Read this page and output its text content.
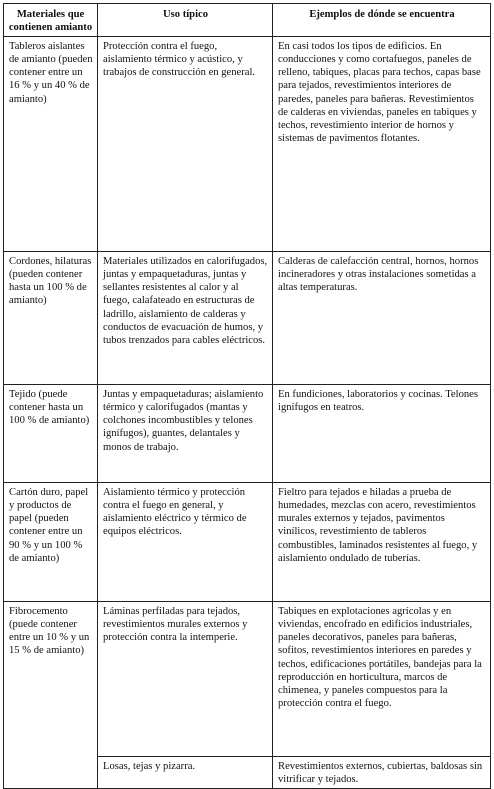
Materiales que contienen amianto	Uso típico	Ejemplos de dónde se encuentra
Tableros aislantes de amianto (pueden contener entre un 16 % y un 40 % de amianto)	Protección contra el fuego, aislamiento térmico y acústico, y trabajos de construcción en general.	En casi todos los tipos de edificios. En conducciones y como cortafuegos, paneles de relleno, tabiques, placas para techos, capas base para tejados, revestimientos interiores de paredes, paneles para bañeras. Revestimientos de calderas en viviendas, paneles en tabiques y techos, revestimiento interior de hornos y sistemas de pavimentos flotantes.
Cordones, hilaturas (pueden contener hasta un 100 % de amianto)	Materiales utilizados en calorifugados, juntas y empaquetaduras, juntas y sellantes resistentes al calor y al fuego, calafateado en estructuras de ladrillo, aislamiento de calderas y conductos de evacuación de humos, y tubos trenzados para cables eléctricos.	Calderas de calefacción central, hornos, hornos incineradores y otras instalaciones sometidas a altas temperaturas.
Tejido (puede contener hasta un 100 % de amianto)	Juntas y empaquetaduras; aislamiento térmico y calorifugados (mantas y colchones incombustibles y telones ignífugos), guantes, delantales y monos de trabajo.	En fundiciones, laboratorios y cocinas. Telones ignífugos en teatros.
Cartón duro, papel y productos de papel (pueden contener entre un 90 % y un 100 % de amianto)	Aislamiento térmico y protección contra el fuego en general, y aislamiento eléctrico y térmico de equipos eléctricos.	Fieltro para tejados e hiladas a prueba de humedades, mezclas con acero, revestimientos murales externos y tejados, pavimentos vinílicos, revestimiento de tableros combustibles, laminados resistentes al fuego, y aislamiento ondulado de tuberías.
Fibrocemento (puede contener entre un 10 % y un 15 % de amianto)	Láminas perfiladas para tejados, revestimientos murales externos y protección contra la intemperie.	Tabiques en explotaciones agrícolas y en viviendas, encofrado en edificios industriales, paneles decorativos, paneles para bañeras, sofitos, revestimientos interiores en paredes y techos, edificaciones portátiles, bandejas para la reproducción en horticultura, marcos de chimenea, y paneles compuestos para la protección contra el fuego.
	Losas, tejas y pizarra.	Revestimientos externos, cubiertas, baldosas sin vitrificar y tejados.
